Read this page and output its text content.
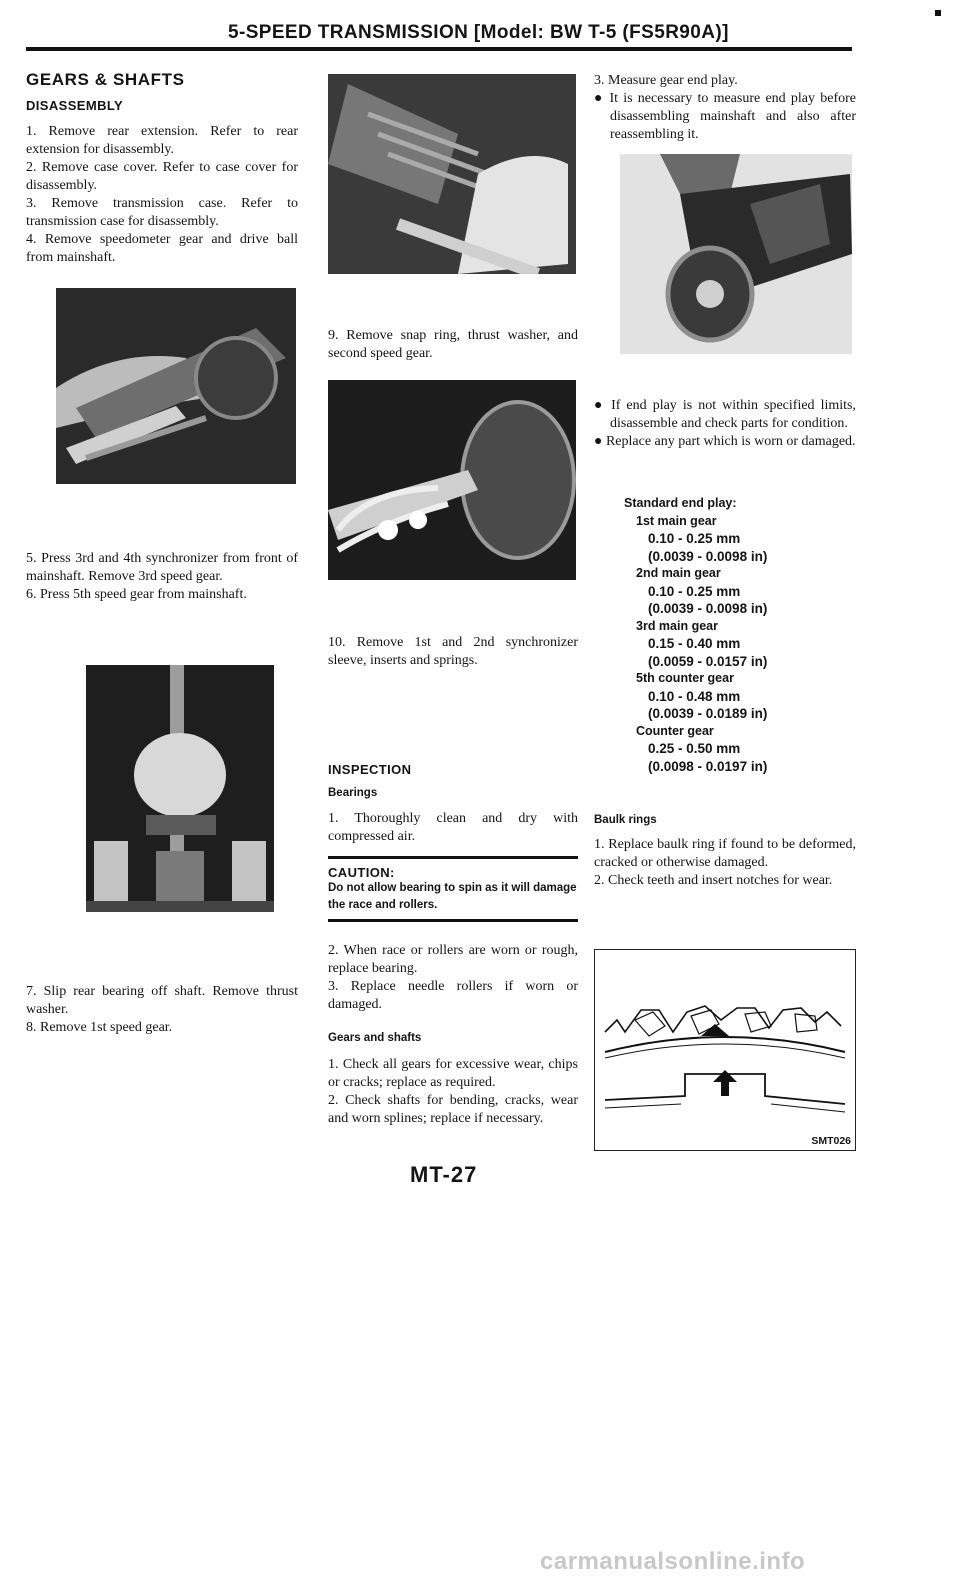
5-SPEED TRANSMISSION [Model: BW T-5 (FS5R90A)]
GEARS & SHAFTS
DISASSEMBLY

1. Remove rear extension. Refer to rear extension for disassembly.

2. Remove case cover. Refer to case cover for disassembly.

3. Remove transmission case. Refer to transmission case for disassembly.

4. Remove speedometer gear and drive ball from mainshaft.

5. Press 3rd and 4th synchronizer from front of mainshaft. Remove 3rd speed gear.

6. Press 5th speed gear from mainshaft.

7. Slip rear bearing off shaft. Remove thrust washer.

8. Remove 1st speed gear.

9. Remove snap ring, thrust washer, and second speed gear.

10. Remove 1st and 2nd synchronizer sleeve, inserts and springs.

INSPECTION
Bearings

1. Thoroughly clean and dry with compressed air.

CAUTION:
Do not allow bearing to spin as it will damage the race and rollers.

2. When race or rollers are worn or rough, replace bearing.

3. Replace needle rollers if worn or damaged.

Gears and shafts

1. Check all gears for excessive wear, chips or cracks; replace as required.

2. Check shafts for bending, cracks, wear and worn splines; replace if necessary.

3. Measure gear end play.

● It is necessary to measure end play before disassembling mainshaft and also after reassembling it.

● If end play is not within specified limits, disassemble and check parts for condition.

● Replace any part which is worn or damaged.

Standard end play:
1st main gear
0.10 - 0.25 mm
(0.0039 - 0.0098 in)
2nd main gear
0.10 - 0.25 mm
(0.0039 - 0.0098 in)
3rd main gear
0.15 - 0.40 mm
(0.0059 - 0.0157 in)
5th counter gear
0.10 - 0.48 mm
(0.0039 - 0.0189 in)
Counter gear
0.25 - 0.50 mm
(0.0098 - 0.0197 in)
Baulk rings

1. Replace baulk ring if found to be deformed, cracked or otherwise damaged.

2. Check teeth and insert notches for wear.

SMT026
MT-27
carmanualsonline.info
